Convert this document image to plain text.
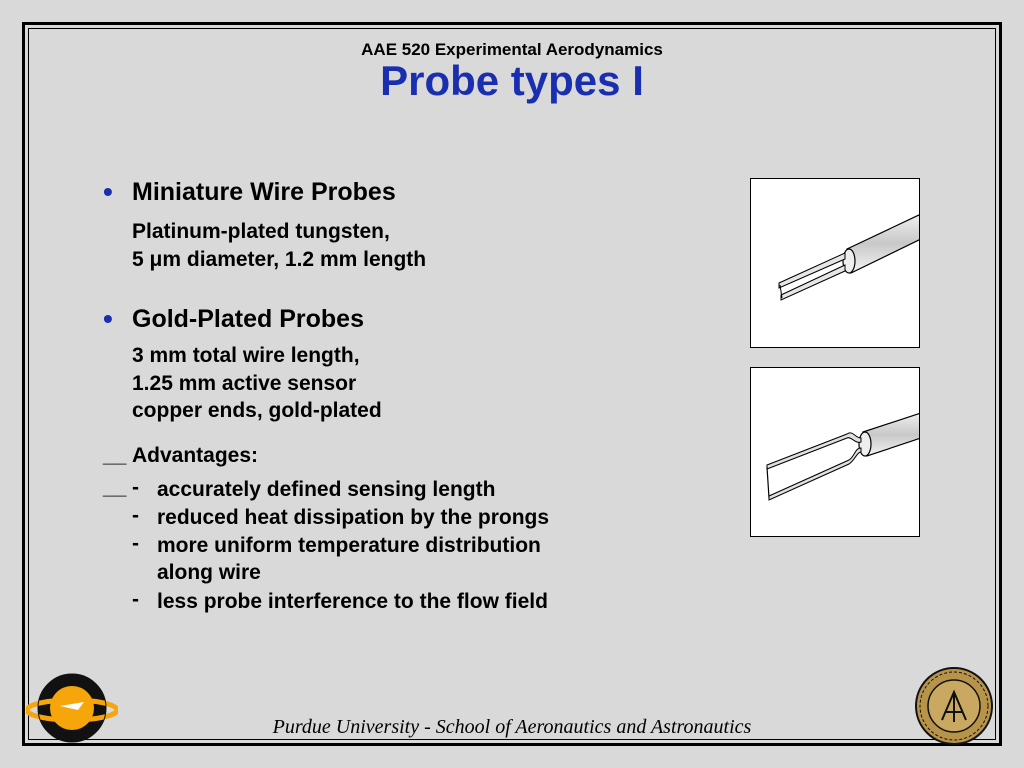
AAE 520 Experimental Aerodynamics
Probe types I
• Miniature Wire Probes
Platinum-plated tungsten,
5 μm diameter, 1.2 mm length
• Gold-Plated Probes
3 mm total wire length,
1.25 mm active sensor
copper ends, gold-plated
__ Advantages:
__ - accurately defined sensing length
- reduced heat dissipation by the prongs
- more uniform temperature distribution
along wire
- less probe interference to the flow field
Purdue University - School of Aeronautics and Astronautics
